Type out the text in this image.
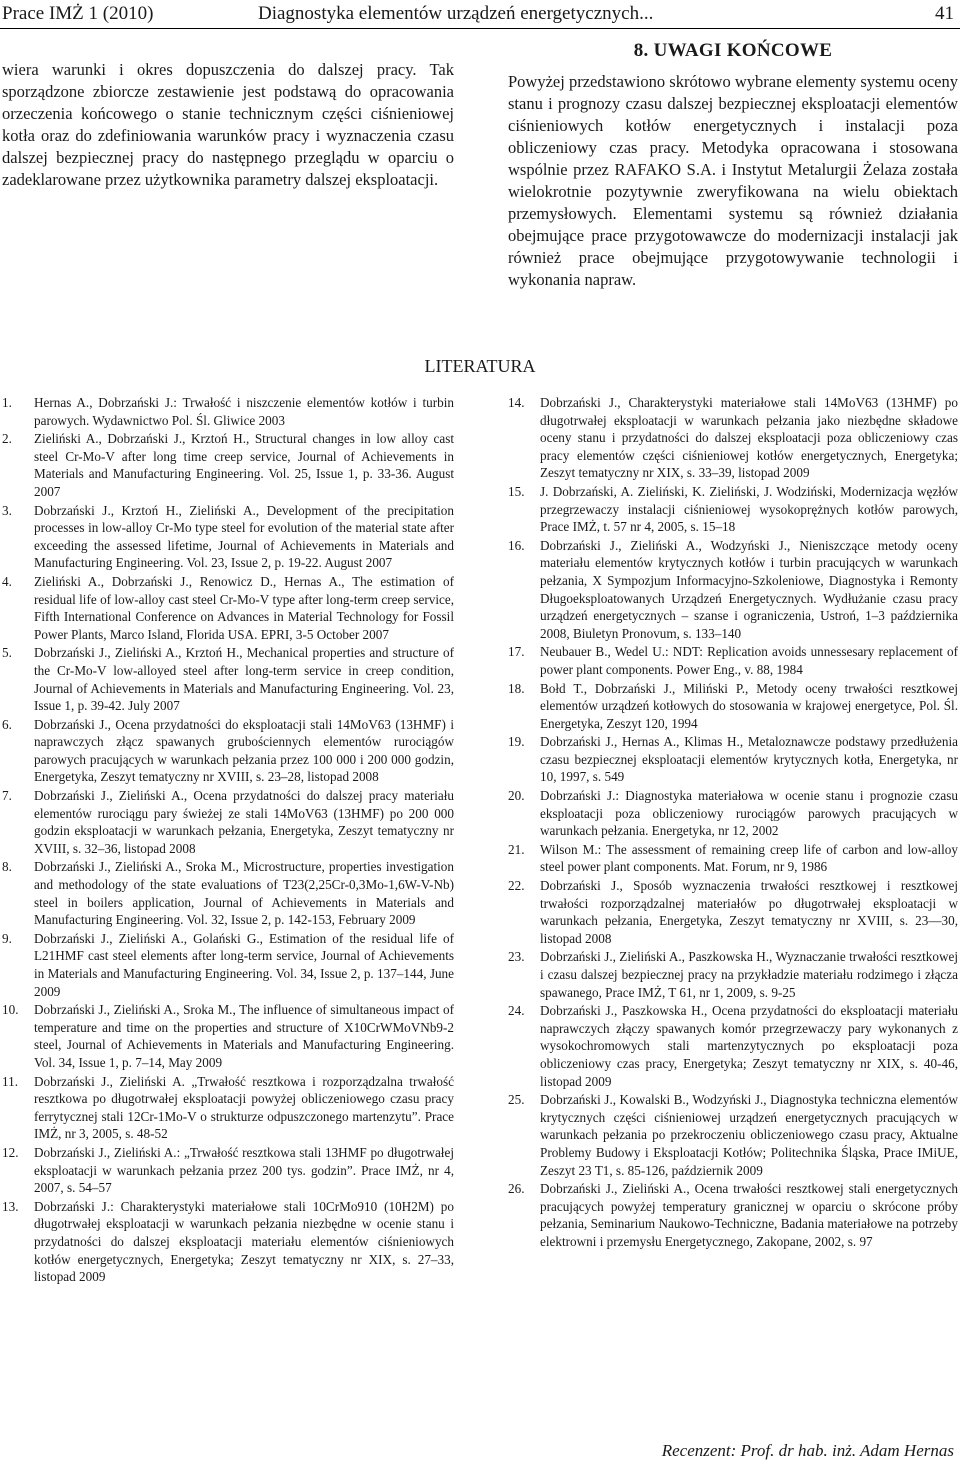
Prace IMŻ 1 (2010)	Diagnostyka elementów urządzeń energetycznych...	41

wiera warunki i okres dopuszczenia do dalszej pracy. Tak sporządzone zbiorcze zestawienie jest podstawą do opracowania orzeczenia końcowego o stanie technicznym części ciśnieniowej kotła oraz do zdefiniowania warunków pracy i wyznaczenia czasu dalszej bezpiecznej pracy do następnego przeglądu w oparciu o zadeklarowane przez użytkownika parametry dalszej eksploatacji.

8. UWAGI KOŃCOWE

Powyżej przedstawiono skrótowo wybrane elementy systemu oceny stanu i prognozy czasu dalszej bezpiecznej eksploatacji elementów ciśnieniowych kotłów energetycznych i instalacji poza obliczeniowy czas pracy. Metodyka opracowana i stosowana wspólnie przez RAFAKO S.A. i Instytut Metalurgii Żelaza została wielokrotnie pozytywnie zweryfikowana na wielu obiektach przemysłowych. Elementami systemu są również działania obejmujące prace przygotowawcze do modernizacji instalacji jak również prace obejmujące przygotowywanie technologii i wykonania napraw.

LITERATURA
1. Hernas A., Dobrzański J.: Trwałość i niszczenie elementów kotłów i turbin parowych. Wydawnictwo Pol. Śl. Gliwice 2003
2. Zieliński A., Dobrzański J., Krztoń H., Structural changes in low alloy cast steel Cr-Mo-V after long time creep service, Journal of Achievements in Materials and Manufacturing Engineering. Vol. 25, Issue 1, p. 33-36. August 2007
3. Dobrzański J., Krztoń H., Zieliński A., Development of the precipitation processes in low-alloy Cr-Mo type steel for evolution of the material state after exceeding the assessed lifetime, Journal of Achievements in Materials and Manufacturing Engineering. Vol. 23, Issue 2, p. 19-22. August 2007
4. Zieliński A., Dobrzański J., Renowicz D., Hernas A., The estimation of residual life of low-alloy cast steel Cr-Mo-V type after long-term creep service, Fifth International Conference on Advances in Material Technology for Fossil Power Plants, Marco Island, Florida USA. EPRI, 3-5 October 2007
5. Dobrzański J., Zieliński A., Krztoń H., Mechanical properties and structure of the Cr-Mo-V low-alloyed steel after long-term service in creep condition, Journal of Achievements in Materials and Manufacturing Engineering. Vol. 23, Issue 1, p. 39-42. July 2007
6. Dobrzański J., Ocena przydatności do eksploatacji stali 14MoV63 (13HMF) i naprawczych złącz spawanych grubościennych elementów rurociągów parowych pracujących w warunkach pełzania przez 100 000 i 200 000 godzin, Energetyka, Zeszyt tematyczny nr XVIII, s. 23–28, listopad 2008
7. Dobrzański J., Zieliński A., Ocena przydatności do dalszej pracy materiału elementów rurociągu pary świeżej ze stali 14MoV63 (13HMF) po 200 000 godzin eksploatacji w warunkach pełzania, Energetyka, Zeszyt tematyczny nr XVIII, s. 32–36, listopad 2008
8. Dobrzański J., Zieliński A., Sroka M., Microstructure, properties investigation and methodology of the state evaluations of T23(2,25Cr-0,3Mo-1,6W-V-Nb) steel in boilers application, Journal of Achievements in Materials and Manufacturing Engineering. Vol. 32, Issue 2, p. 142-153, February 2009
9. Dobrzański J., Zieliński A., Golański G., Estimation of the residual life of L21HMF cast steel elements after long-term service, Journal of Achievements in Materials and Manufacturing Engineering. Vol. 34, Issue 2, p. 137–144, June 2009
10. Dobrzański J., Zieliński A., Sroka M., The influence of simultaneous impact of temperature and time on the properties and structure of X10CrWMoVNb9-2 steel, Journal of Achievements in Materials and Manufacturing Engineering. Vol. 34, Issue 1, p. 7–14, May 2009
11. Dobrzański J., Zieliński A. „Trwałość resztkowa i rozporządzalna trwałość resztkowa po długotrwałej eksploatacji powyżej obliczeniowego czasu pracy ferrytycznej stali 12Cr-1Mo-V o strukturze odpuszczonego martenzytu”. Prace IMŻ, nr 3, 2005, s. 48-52
12. Dobrzański J., Zieliński A.: „Trwałość resztkowa stali 13HMF po długotrwałej eksploatacji w warunkach pełzania przez 200 tys. godzin”. Prace IMŻ, nr 4, 2007, s. 54–57
13. Dobrzański J.: Charakterystyki materiałowe stali 10CrMo910 (10H2M) po długotrwałej eksploatacji w warunkach pełzania niezbędne w ocenie stanu i przydatności do dalszej eksploatacji materiału elementów ciśnieniowych kotłów energetycznych, Energetyka; Zeszyt tematyczny nr XIX, s. 27–33, listopad 2009
14. Dobrzański J., Charakterystyki materiałowe stali 14MoV63 (13HMF) po długotrwałej eksploatacji w warunkach pełzania jako niezbędne składowe oceny stanu i przydatności do dalszej eksploatacji poza obliczeniowy czas pracy elementów części ciśnieniowej kotłów energetycznych, Energetyka; Zeszyt tematyczny nr XIX, s. 33–39, listopad 2009
15. J. Dobrzański, A. Zieliński, K. Zieliński, J. Wodziński, Modernizacja węzłów przegrzewaczy instalacji ciśnieniowej wysokoprężnych kotłów parowych, Prace IMŻ, t. 57 nr 4, 2005, s. 15–18
16. Dobrzański J., Zieliński A., Wodzyński J., Nieniszczące metody oceny materiału elementów krytycznych kotłów i turbin pracujących w warunkach pełzania, X Sympozjum Informacyjno-Szkoleniowe, Diagnostyka i Remonty Długoeksploatowanych Urządzeń Energetycznych. Wydłużanie czasu pracy urządzeń energetycznych – szanse i ograniczenia, Ustroń, 1–3 października 2008, Biuletyn Pronovum, s. 133–140
17. Neubauer B., Wedel U.: NDT: Replication avoids unnessesary replacement of power plant components. Power Eng., v. 88, 1984
18. Bołd T., Dobrzański J., Miliński P., Metody oceny trwałości resztkowej elementów urządzeń kotłowych do stosowania w krajowej energetyce, Pol. Śl. Energetyka, Zeszyt 120, 1994
19. Dobrzański J., Hernas A., Klimas H., Metaloznawcze podstawy przedłużenia czasu bezpiecznej eksploatacji elementów krytycznych kotła, Energetyka, nr 10, 1997, s. 549
20. Dobrzański J.: Diagnostyka materiałowa w ocenie stanu i prognozie czasu eksploatacji poza obliczeniowy rurociągów parowych pracujących w warunkach pełzania. Energetyka, nr 12, 2002
21. Wilson M.: The assessment of remaining creep life of carbon and low-alloy steel power plant components. Mat. Forum, nr 9, 1986
22. Dobrzański J., Sposób wyznaczenia trwałości resztkowej i resztkowej trwałości rozporządzalnej materiałów po długotrwałej eksploatacji w warunkach pełzania, Energetyka, Zeszyt tematyczny nr XVIII, s. 23—30, listopad 2008
23. Dobrzański J., Zieliński A., Paszkowska H., Wyznaczanie trwałości resztkowej i czasu dalszej bezpiecznej pracy na przykładzie materiału rodzimego i złącza spawanego, Prace IMŻ, T 61, nr 1, 2009, s. 9-25
24. Dobrzański J., Paszkowska H., Ocena przydatności do eksploatacji materiału naprawczych złączy spawanych komór przegrzewaczy pary wykonanych z wysokochromowych stali martenzytycznych po eksploatacji poza obliczeniowy czas pracy, Energetyka; Zeszyt tematyczny nr XIX, s. 40-46, listopad 2009
25. Dobrzański J., Kowalski B., Wodzyński J., Diagnostyka techniczna elementów krytycznych części ciśnieniowej urządzeń energetycznych pracujących w warunkach pełzania po przekroczeniu obliczeniowego czasu pracy, Aktualne Problemy Budowy i Eksploatacji Kotłów; Politechnika Śląska, Prace IMiUE, Zeszyt 23 T1, s. 85-126, październik 2009
26. Dobrzański J., Zieliński A., Ocena trwałości resztkowej stali energetycznych pracujących powyżej temperatury granicznej w oparciu o skrócone próby pełzania, Seminarium Naukowo-Techniczne, Badania materiałowe na potrzeby elektrowni i przemysłu Energetycznego, Zakopane, 2002, s. 97
Recenzent: Prof. dr hab. inż. Adam Hernas
